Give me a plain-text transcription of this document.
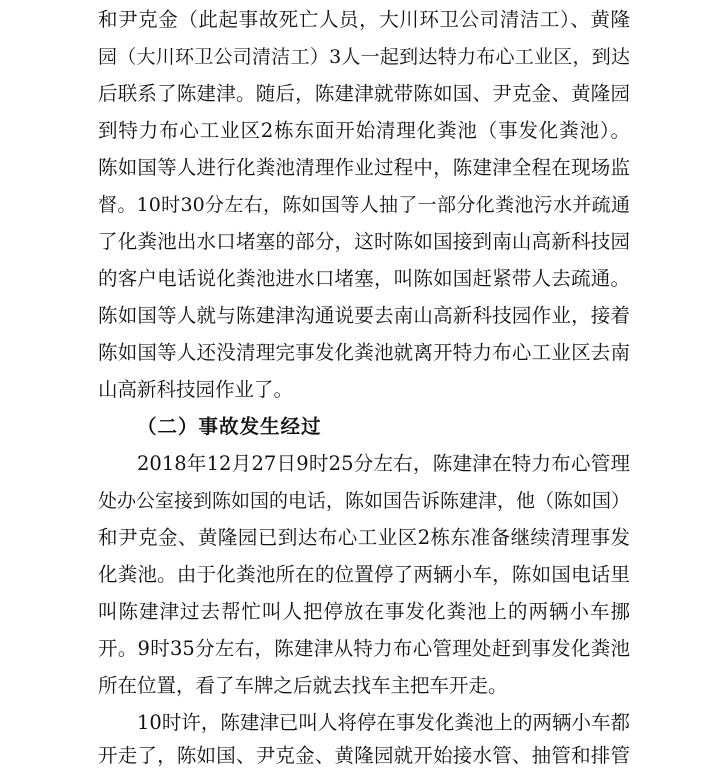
和尹克金（此起事故死亡人员，大川环卫公司清洁工）、黄隆
园（大川环卫公司清洁工）3人一起到达特力布心工业区，到达
后联系了陈建津。随后，陈建津就带陈如国、尹克金、黄隆园
到特力布心工业区2栋东面开始清理化粪池（事发化粪池）。
陈如国等人进行化粪池清理作业过程中，陈建津全程在现场监
督。10时30分左右，陈如国等人抽了一部分化粪池污水并疏通
了化粪池出水口堵塞的部分，这时陈如国接到南山高新科技园
的客户电话说化粪池进水口堵塞，叫陈如国赶紧带人去疏通。
陈如国等人就与陈建津沟通说要去南山高新科技园作业，接着
陈如国等人还没清理完事发化粪池就离开特力布心工业区去南
山高新科技园作业了。
（二）事故发生经过
2018年12月27日9时25分左右，陈建津在特力布心管理
处办公室接到陈如国的电话，陈如国告诉陈建津，他（陈如国）
和尹克金、黄隆园已到达布心工业区2栋东准备继续清理事发
化粪池。由于化粪池所在的位置停了两辆小车，陈如国电话里
叫陈建津过去帮忙叫人把停放在事发化粪池上的两辆小车挪
开。9时35分左右，陈建津从特力布心管理处赶到事发化粪池
所在位置，看了车牌之后就去找车主把车开走。
10时许，陈建津已叫人将停在事发化粪池上的两辆小车都
开走了，陈如国、尹克金、黄隆园就开始接水管、抽管和排管
